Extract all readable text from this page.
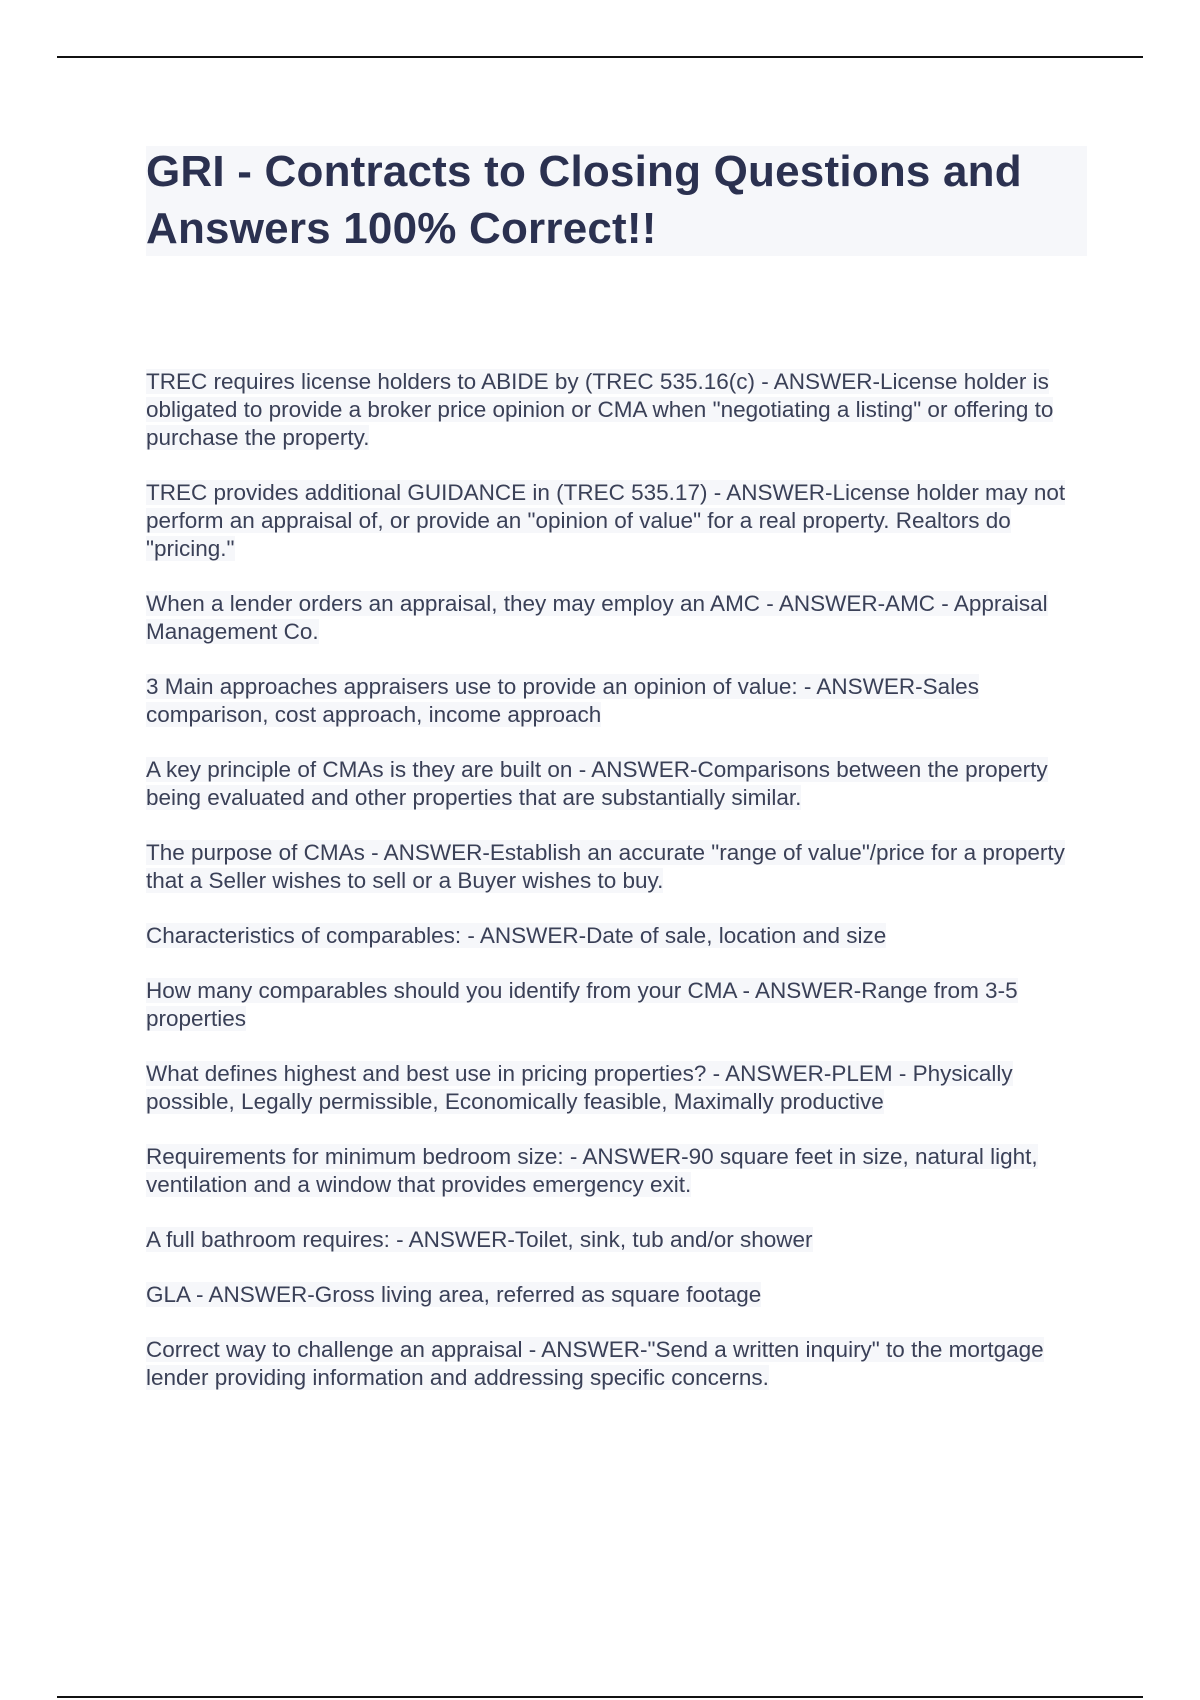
GRI - Contracts to Closing Questions and Answers 100% Correct!!
TREC requires license holders to ABIDE by (TREC 535.16(c) - ANSWER-License holder is obligated to provide a broker price opinion or CMA when "negotiating a listing" or offering to purchase the property.
TREC provides additional GUIDANCE in (TREC 535.17) - ANSWER-License holder may not perform an appraisal of, or provide an "opinion of value" for a real property. Realtors do "pricing."
When a lender orders an appraisal, they may employ an AMC - ANSWER-AMC - Appraisal Management Co.
3 Main approaches appraisers use to provide an opinion of value: - ANSWER-Sales comparison, cost approach, income approach
A key principle of CMAs is they are built on - ANSWER-Comparisons between the property being evaluated and other properties that are substantially similar.
The purpose of CMAs - ANSWER-Establish an accurate "range of value"/price for a property that a Seller wishes to sell or a Buyer wishes to buy.
Characteristics of comparables: - ANSWER-Date of sale, location and size
How many comparables should you identify from your CMA - ANSWER-Range from 3-5 properties
What defines highest and best use in pricing properties? - ANSWER-PLEM - Physically possible, Legally permissible, Economically feasible, Maximally productive
Requirements for minimum bedroom size: - ANSWER-90 square feet in size, natural light, ventilation and a window that provides emergency exit.
A full bathroom requires: - ANSWER-Toilet, sink, tub and/or shower
GLA - ANSWER-Gross living area, referred as square footage
Correct way to challenge an appraisal - ANSWER-"Send a written inquiry" to the mortgage lender providing information and addressing specific concerns.
